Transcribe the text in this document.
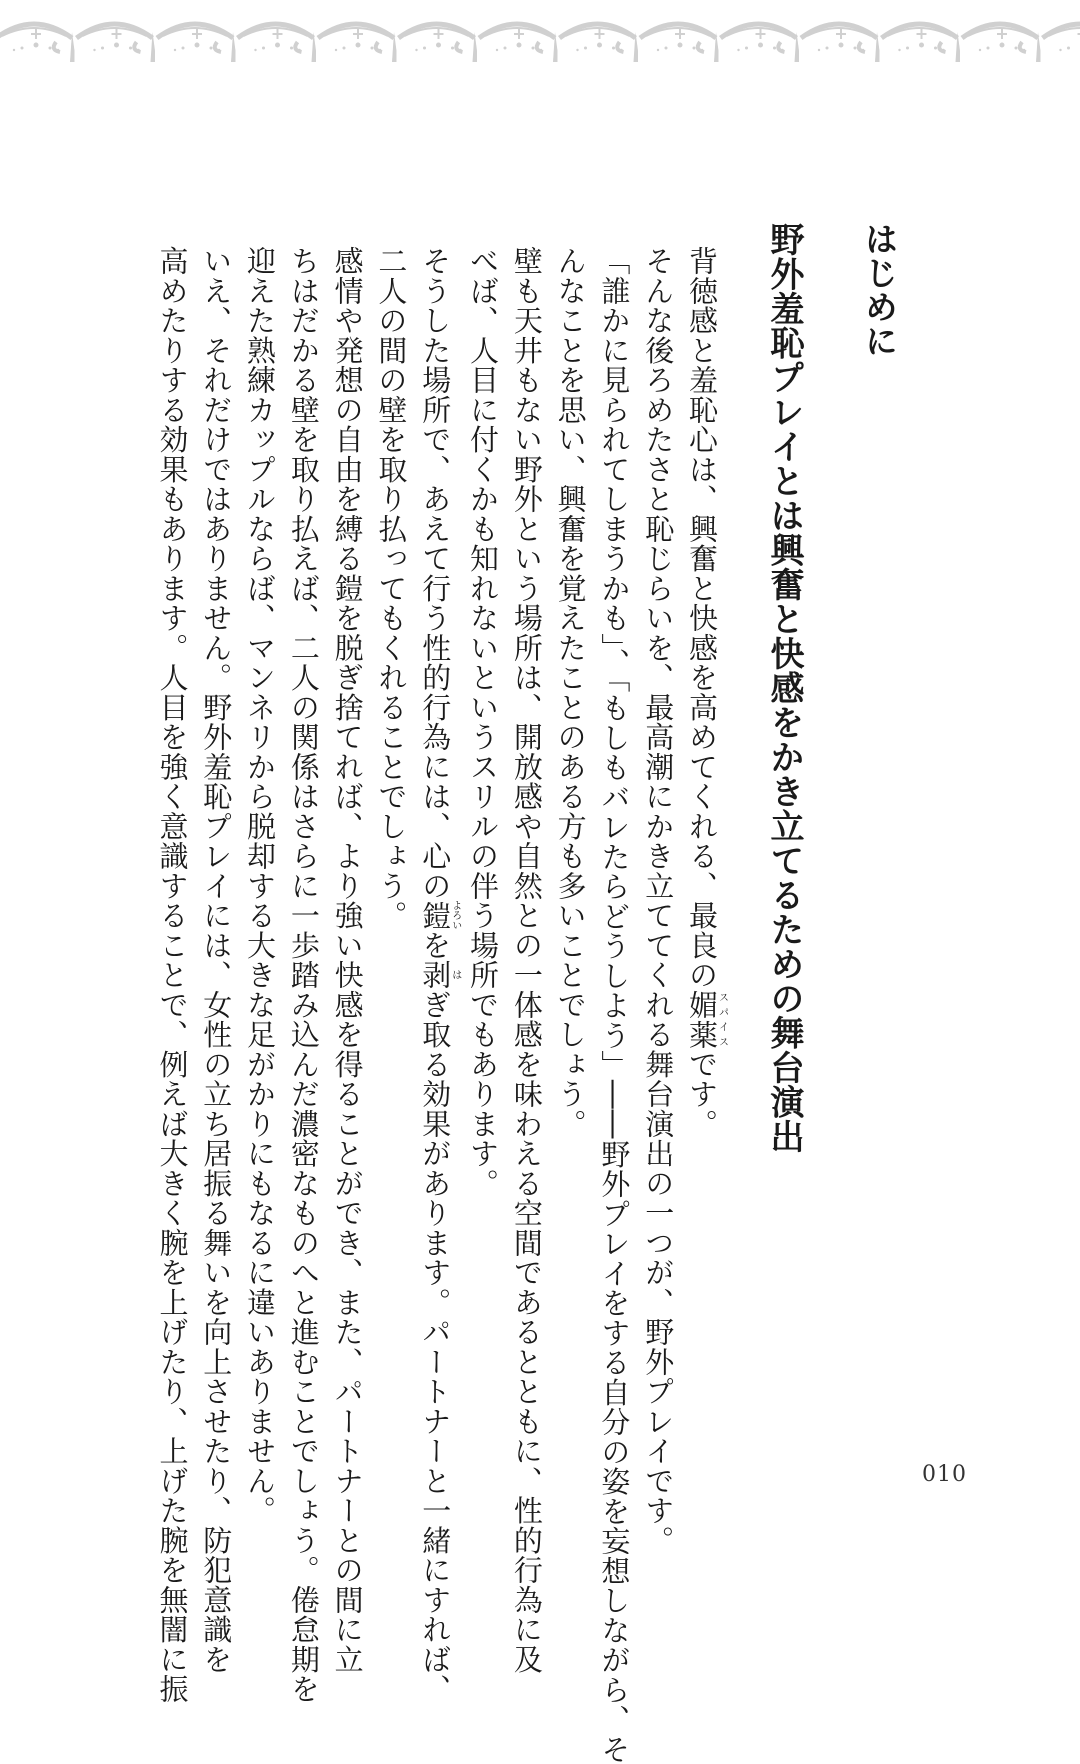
はじめに
野外羞恥プレイとは興奮と快感をかき立てるための舞台演出
背徳感と羞恥心は、興奮と快感を高めてくれる、最良の媚薬スパイスです。
そんな後ろめたさと恥じらいを、最高潮にかき立ててくれる舞台演出の一つが、野外プレイです。
「誰かに見られてしまうかも」、「もしもバレたらどうしよう」――野外プレイをする自分の姿を妄想しながら、そ
んなことを思い、興奮を覚えたことのある方も多いことでしょう。
壁も天井もない野外という場所は、開放感や自然との一体感を味わえる空間であるとともに、性的行為に及
べば、人目に付くかも知れないというスリルの伴う場所でもあります。
そうした場所で、あえて行う性的行為には、心の鎧よろいを剥はぎ取る効果があります。パートナーと一緒にすれば、
二人の間の壁を取り払ってもくれることでしょう。
感情や発想の自由を縛る鎧を脱ぎ捨てれば、より強い快感を得ることができ、また、パートナーとの間に立
ちはだかる壁を取り払えば、二人の関係はさらに一歩踏み込んだ濃密なものへと進むことでしょう。倦怠期を
迎えた熟練カップルならば、マンネリから脱却する大きな足がかりにもなるに違いありません。
いえ、それだけではありません。野外羞恥プレイには、女性の立ち居振る舞いを向上させたり、防犯意識を
高めたりする効果もあります。人目を強く意識することで、例えば大きく腕を上げたり、上げた腕を無闇に振	010
